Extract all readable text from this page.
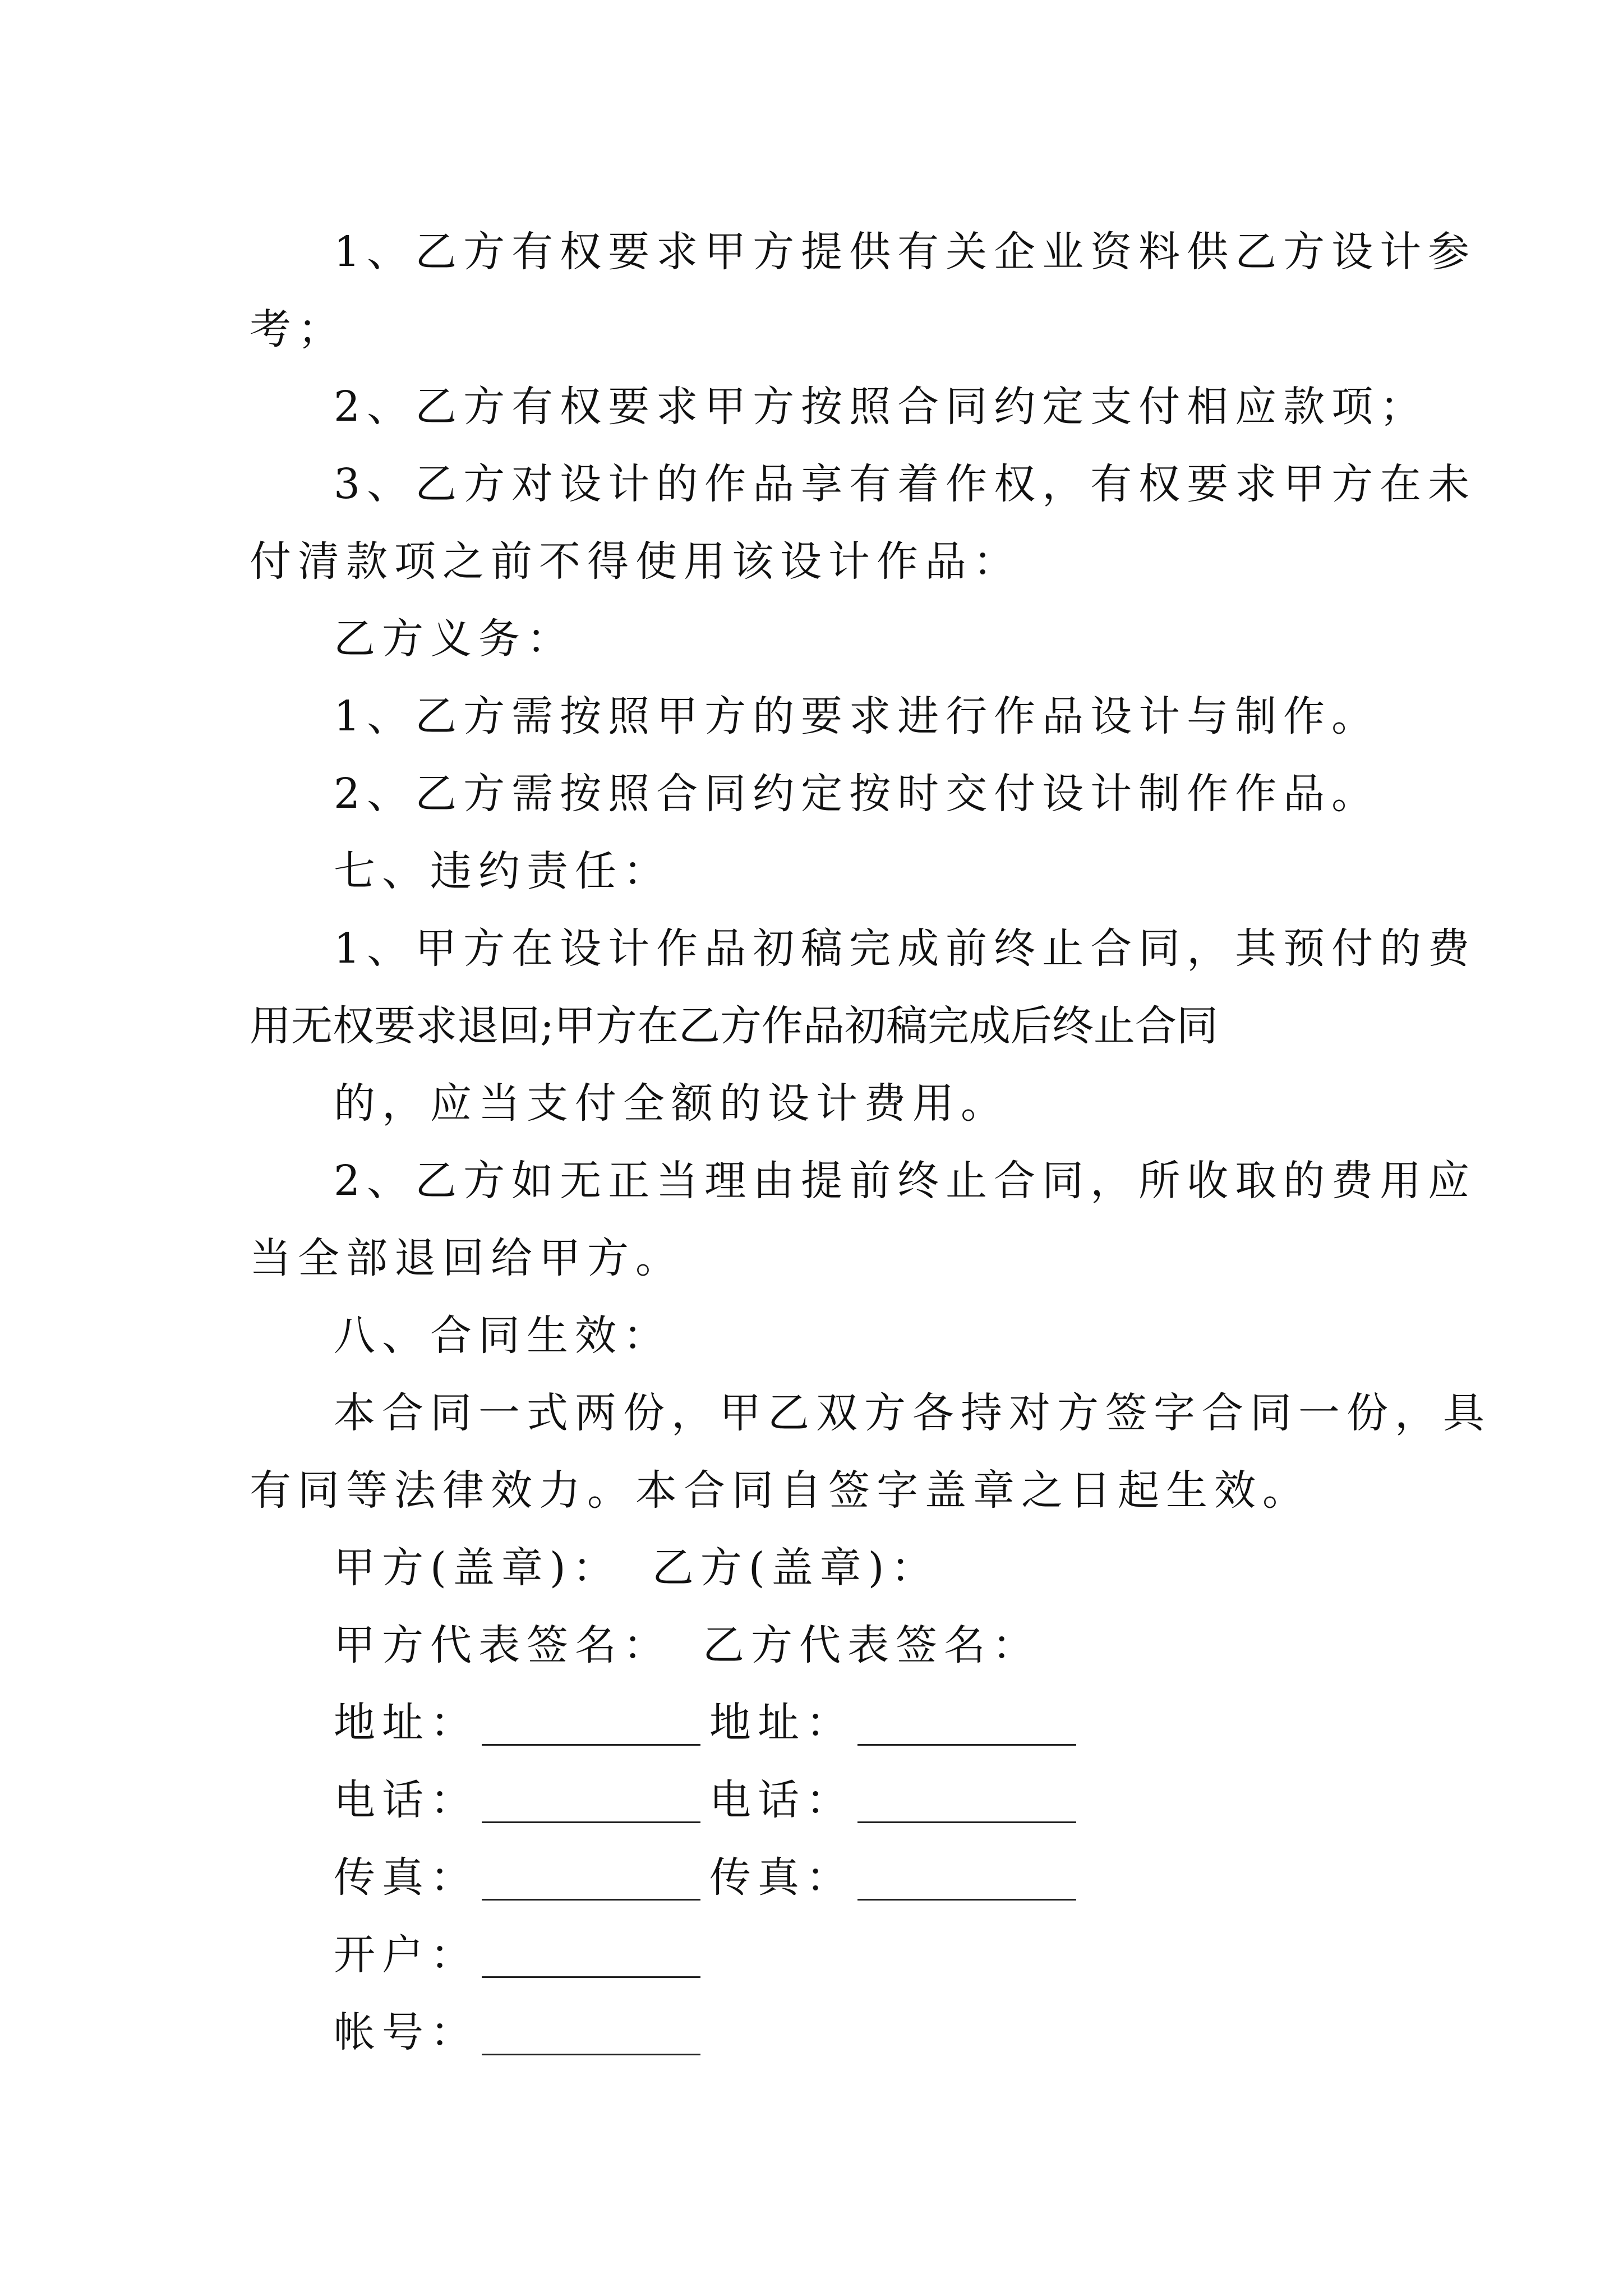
1、乙方有权要求甲方提供有关企业资料供乙方设计参
考；
2、乙方有权要求甲方按照合同约定支付相应款项；
3、乙方对设计的作品享有着作权，有权要求甲方在未
付清款项之前不得使用该设计作品：
乙方义务：
1、乙方需按照甲方的要求进行作品设计与制作。
2、乙方需按照合同约定按时交付设计制作作品。
七、违约责任：
1、甲方在设计作品初稿完成前终止合同，其预付的费
用无权要求退回;甲方在乙方作品初稿完成后终止合同
的，应当支付全额的设计费用。
2、乙方如无正当理由提前终止合同，所收取的费用应
当全部退回给甲方。
八、合同生效：
本合同一式两份，甲乙双方各持对方签字合同一份，具
有同等法律效力。本合同自签字盖章之日起生效。
甲方(盖章)： 乙方(盖章)：
甲方代表签名： 乙方代表签名：
地址：	地址：
电话：	电话：
传真：	传真：
开户：
帐号：
